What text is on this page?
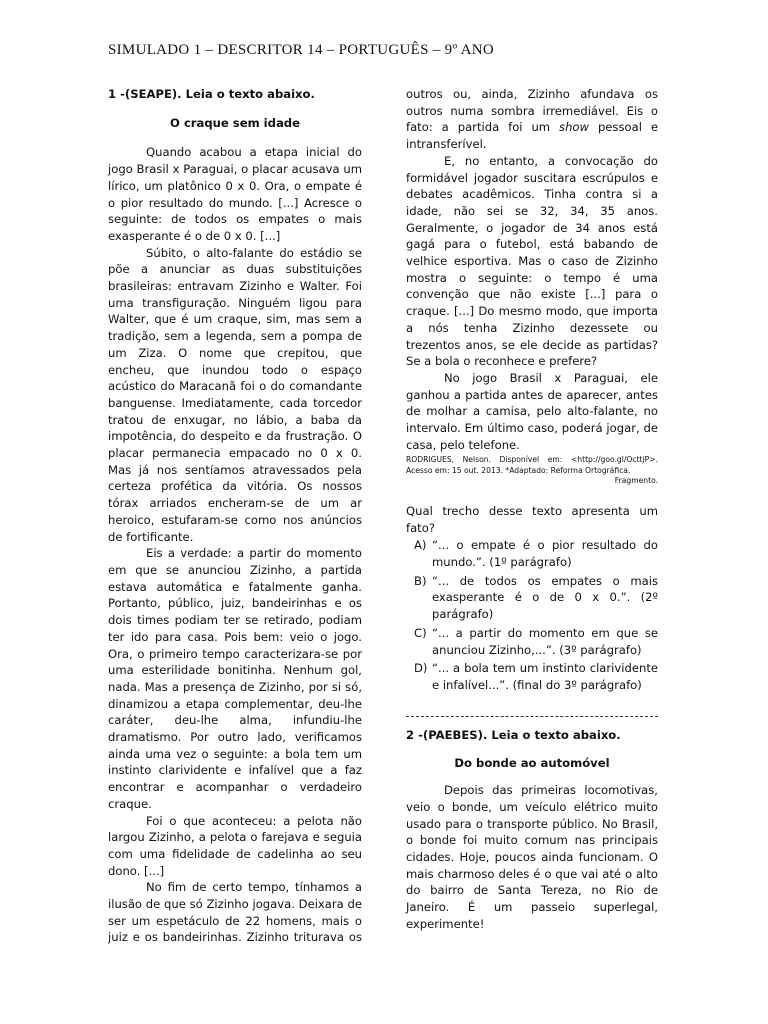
SIMULADO 1 – DESCRITOR 14 – PORTUGUÊS – 9º ANO

1 -(SEAPE). Leia o texto abaixo.

O craque sem idade

Quando acabou a etapa inicial do jogo Brasil x Paraguai, o placar acusava um lírico, um platônico 0 x 0. Ora, o empate é o pior resultado do mundo. [...] Acresce o seguinte: de todos os empates o mais exasperante é o de 0 x 0. [...]

Súbito, o alto-falante do estádio se põe a anunciar as duas substituições brasileiras: entravam Zizinho e Walter. Foi uma transfiguração. Ninguém ligou para Walter, que é um craque, sim, mas sem a tradição, sem a legenda, sem a pompa de um Ziza. O nome que crepitou, que encheu, que inundou todo o espaço acústico do Maracanã foi o do comandante banguense. Imediatamente, cada torcedor tratou de enxugar, no lábio, a baba da impotência, do despeito e da frustração. O placar permanecia empacado no 0 x 0. Mas já nos sentíamos atravessados pela certeza profética da vitória. Os nossos tórax arriados encheram-se de um ar heroico, estufaram-se como nos anúncios de fortificante.

Eis a verdade: a partir do momento em que se anunciou Zizinho, a partida estava automática e fatalmente ganha. Portanto, público, juiz, bandeirinhas e os dois times podiam ter se retirado, podiam ter ido para casa. Pois bem: veio o jogo. Ora, o primeiro tempo caracterizara-se por uma esterilidade bonitinha. Nenhum gol, nada. Mas a presença de Zizinho, por si só, dinamizou a etapa complementar, deu-lhe caráter, deu-lhe alma, infundiu-lhe dramatismo. Por outro lado, verificamos ainda uma vez o seguinte: a bola tem um instinto clarividente e infalível que a faz encontrar e acompanhar o verdadeiro craque.

Foi o que aconteceu: a pelota não largou Zizinho, a pelota o farejava e seguia com uma fidelidade de cadelinha ao seu dono. [...]

No fim de certo tempo, tínhamos a ilusão de que só Zizinho jogava. Deixara de ser um espetáculo de 22 homens, mais o juiz e os bandeirinhas. Zizinho triturava os

outros ou, ainda, Zizinho afundava os outros numa sombra irremediável. Eis o fato: a partida foi um show pessoal e intransferível.

E, no entanto, a convocação do formidável jogador suscitara escrúpulos e debates acadêmicos. Tinha contra si a idade, não sei se 32, 34, 35 anos. Geralmente, o jogador de 34 anos está gagá para o futebol, está babando de velhice esportiva. Mas o caso de Zizinho mostra o seguinte: o tempo é uma convenção que não existe [...] para o craque. [...] Do mesmo modo, que importa a nós tenha Zizinho dezessete ou trezentos anos, se ele decide as partidas? Se a bola o reconhece e prefere?

No jogo Brasil x Paraguai, ele ganhou a partida antes de aparecer, antes de molhar a camisa, pelo alto-falante, no intervalo. Em último caso, poderá jogar, de casa, pelo telefone.

RODRIGUES, Nelson. Disponível em: <http://goo.gl/OcttjP>. Acesso em: 15 out. 2013. *Adaptado: Reforma Ortográfica.
Fragmento.

Qual trecho desse texto apresenta um fato?

A) “... o empate é o pior resultado do mundo.”. (1º parágrafo)
B) “... de todos os empates o mais exasperante é o de 0 x 0.”. (2º parágrafo)
C) “... a partir do momento em que se anunciou Zizinho,...”. (3º parágrafo)
D) “... a bola tem um instinto clarividente e infalível...”. (final do 3º parágrafo)

2 -(PAEBES). Leia o texto abaixo.

Do bonde ao automóvel

Depois das primeiras locomotivas, veio o bonde, um veículo elétrico muito usado para o transporte público. No Brasil, o bonde foi muito comum nas principais cidades. Hoje, poucos ainda funcionam. O mais charmoso deles é o que vai até o alto do bairro de Santa Tereza, no Rio de Janeiro. É um passeio superlegal, experimente!
